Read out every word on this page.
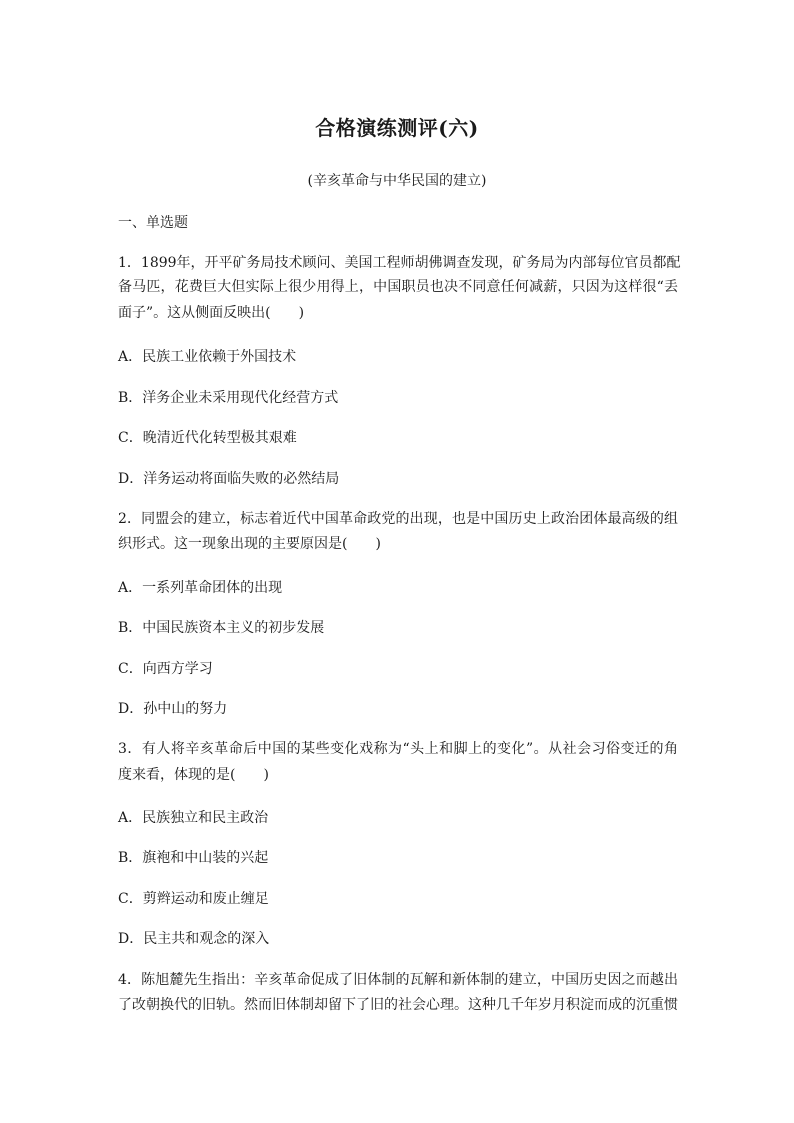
合格演练测评(六)
(辛亥革命与中华民国的建立)
一、单选题
1．1899年，开平矿务局技术顾问、美国工程师胡佛调查发现，矿务局为内部每位官员都配
备马匹，花费巨大但实际上很少用得上，中国职员也决不同意任何减薪，只因为这样很“丢
面子”。这从侧面反映出(　　)
A．民族工业依赖于外国技术
B．洋务企业未采用现代化经营方式
C．晚清近代化转型极其艰难
D．洋务运动将面临失败的必然结局
2．同盟会的建立，标志着近代中国革命政党的出现，也是中国历史上政治团体最高级的组
织形式。这一现象出现的主要原因是(　　)
A．一系列革命团体的出现
B．中国民族资本主义的初步发展
C．向西方学习
D．孙中山的努力
3．有人将辛亥革命后中国的某些变化戏称为“头上和脚上的变化”。从社会习俗变迁的角
度来看，体现的是(　　)
A．民族独立和民主政治
B．旗袍和中山装的兴起
C．剪辫运动和废止缠足
D．民主共和观念的深入
4．陈旭麓先生指出：辛亥革命促成了旧体制的瓦解和新体制的建立，中国历史因之而越出
了改朝换代的旧轨。然而旧体制却留下了旧的社会心理。这种几千年岁月积淀而成的沉重惯
